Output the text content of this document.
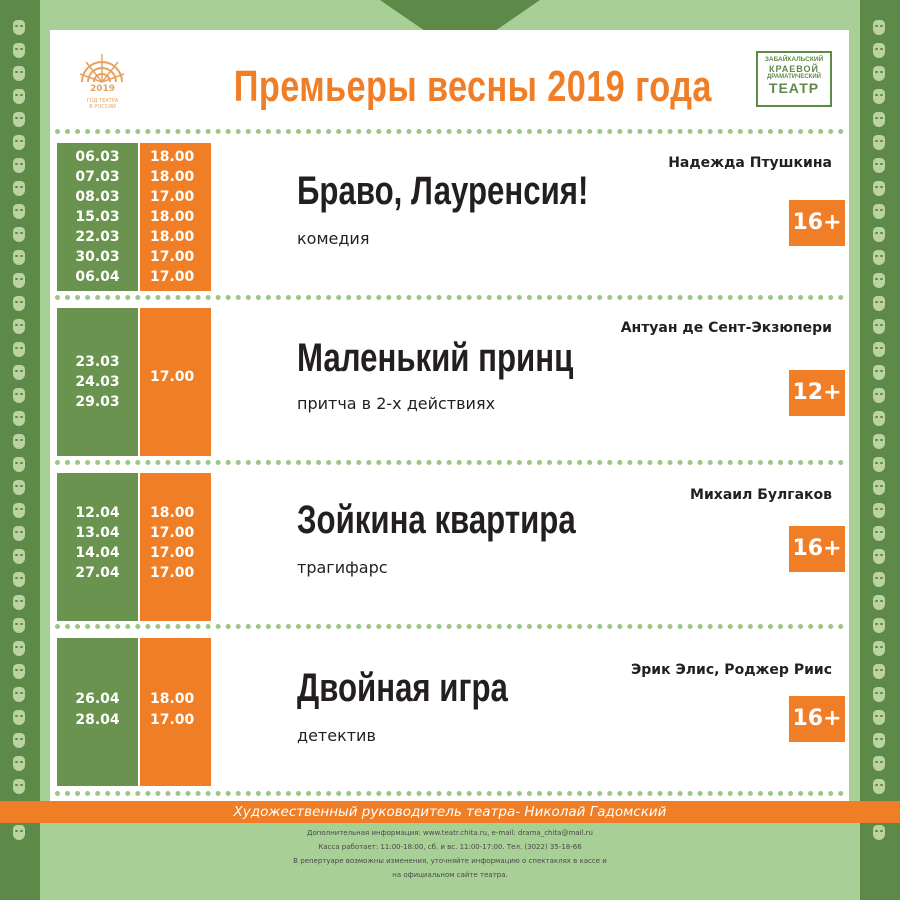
2019
ГОД ТЕАТРА
В РОССИИ	Премьеры весны 2019 года
ЗАБАЙКАЛЬСКИЙ
КРАЕВОЙ
ДРАМАТИЧЕСКИЙ
ТЕАТР
06.03
07.03
08.03
15.03
22.03
30.03
06.04
18.00
18.00
17.00
18.00
18.00
17.00
17.00
Надежда Птушкина
Браво, Лауренсия!
комедия
16+
23.03
24.03
29.03
17.00
Антуан де Сент-Экзюпери
Маленький принц
притча в 2-х действиях	12+
12.04
13.04
14.04
27.04
18.00
17.00
17.00
17.00
Михаил Булгаков
Зойкина квартира
трагифарс
16+
26.04
28.04
18.00
17.00
Эрик Элис, Роджер Риис
Двойная игра
детектив
16+
Художественный руководитель театра- Николай Гадомский
Дополнительная информация: www.teatr.chita.ru, e-mail: drama_chita@mail.ru
Касса работает: 11:00-18:00, сб. и вс. 11:00-17:00. Тел. (3022) 35-18-66
В репертуаре возможны изменения, уточняйте информацию о спектаклях в кассе и
на официальном сайте театра.
